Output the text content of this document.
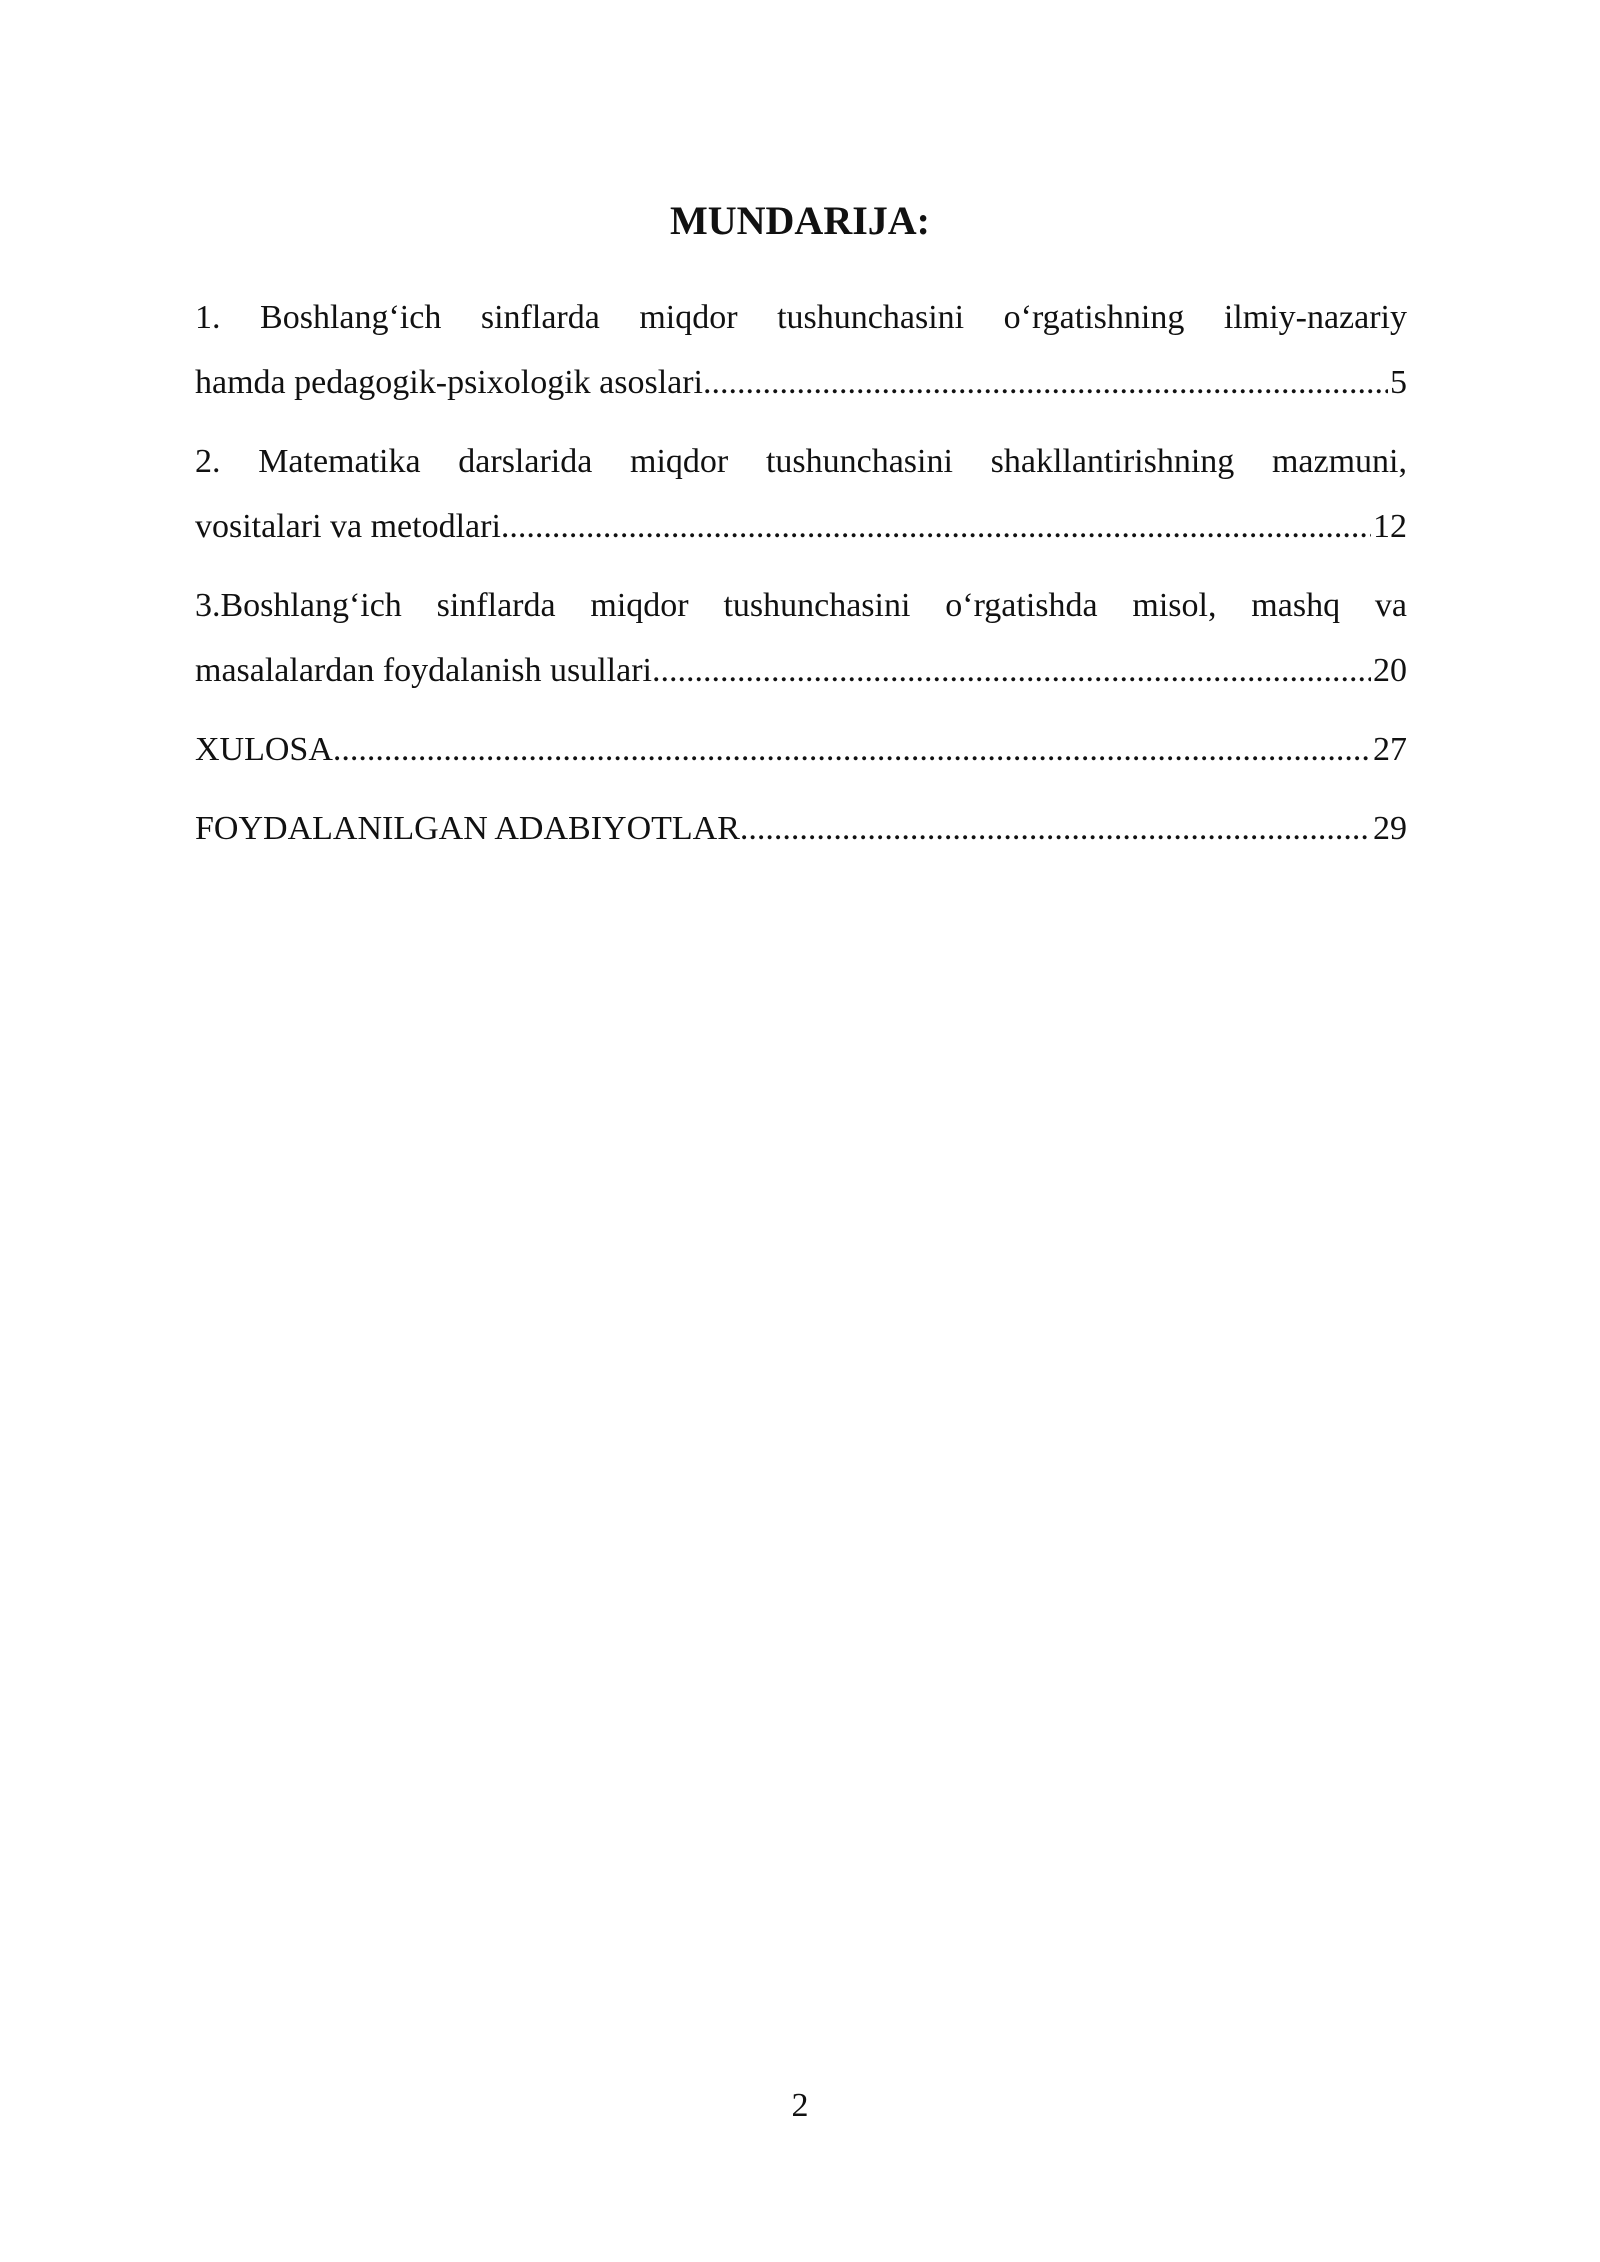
MUNDARIJA:
1. Boshlang‘ich sinflarda miqdor tushunchasini o‘rgatishning ilmiy-nazariy
hamda pedagogik-psixologik asoslari .....	5
2. Matematika darslarida miqdor tushunchasini shakllantirishning mazmuni,
vositalari va metodlari .....	12
3.Boshlang‘ich sinflarda miqdor tushunchasini o‘rgatishda misol, mashq va
masalalardan foydalanish usullari .....	20
XULOSA .....	27
FOYDALANILGAN ADABIYOTLAR .....	29
2
